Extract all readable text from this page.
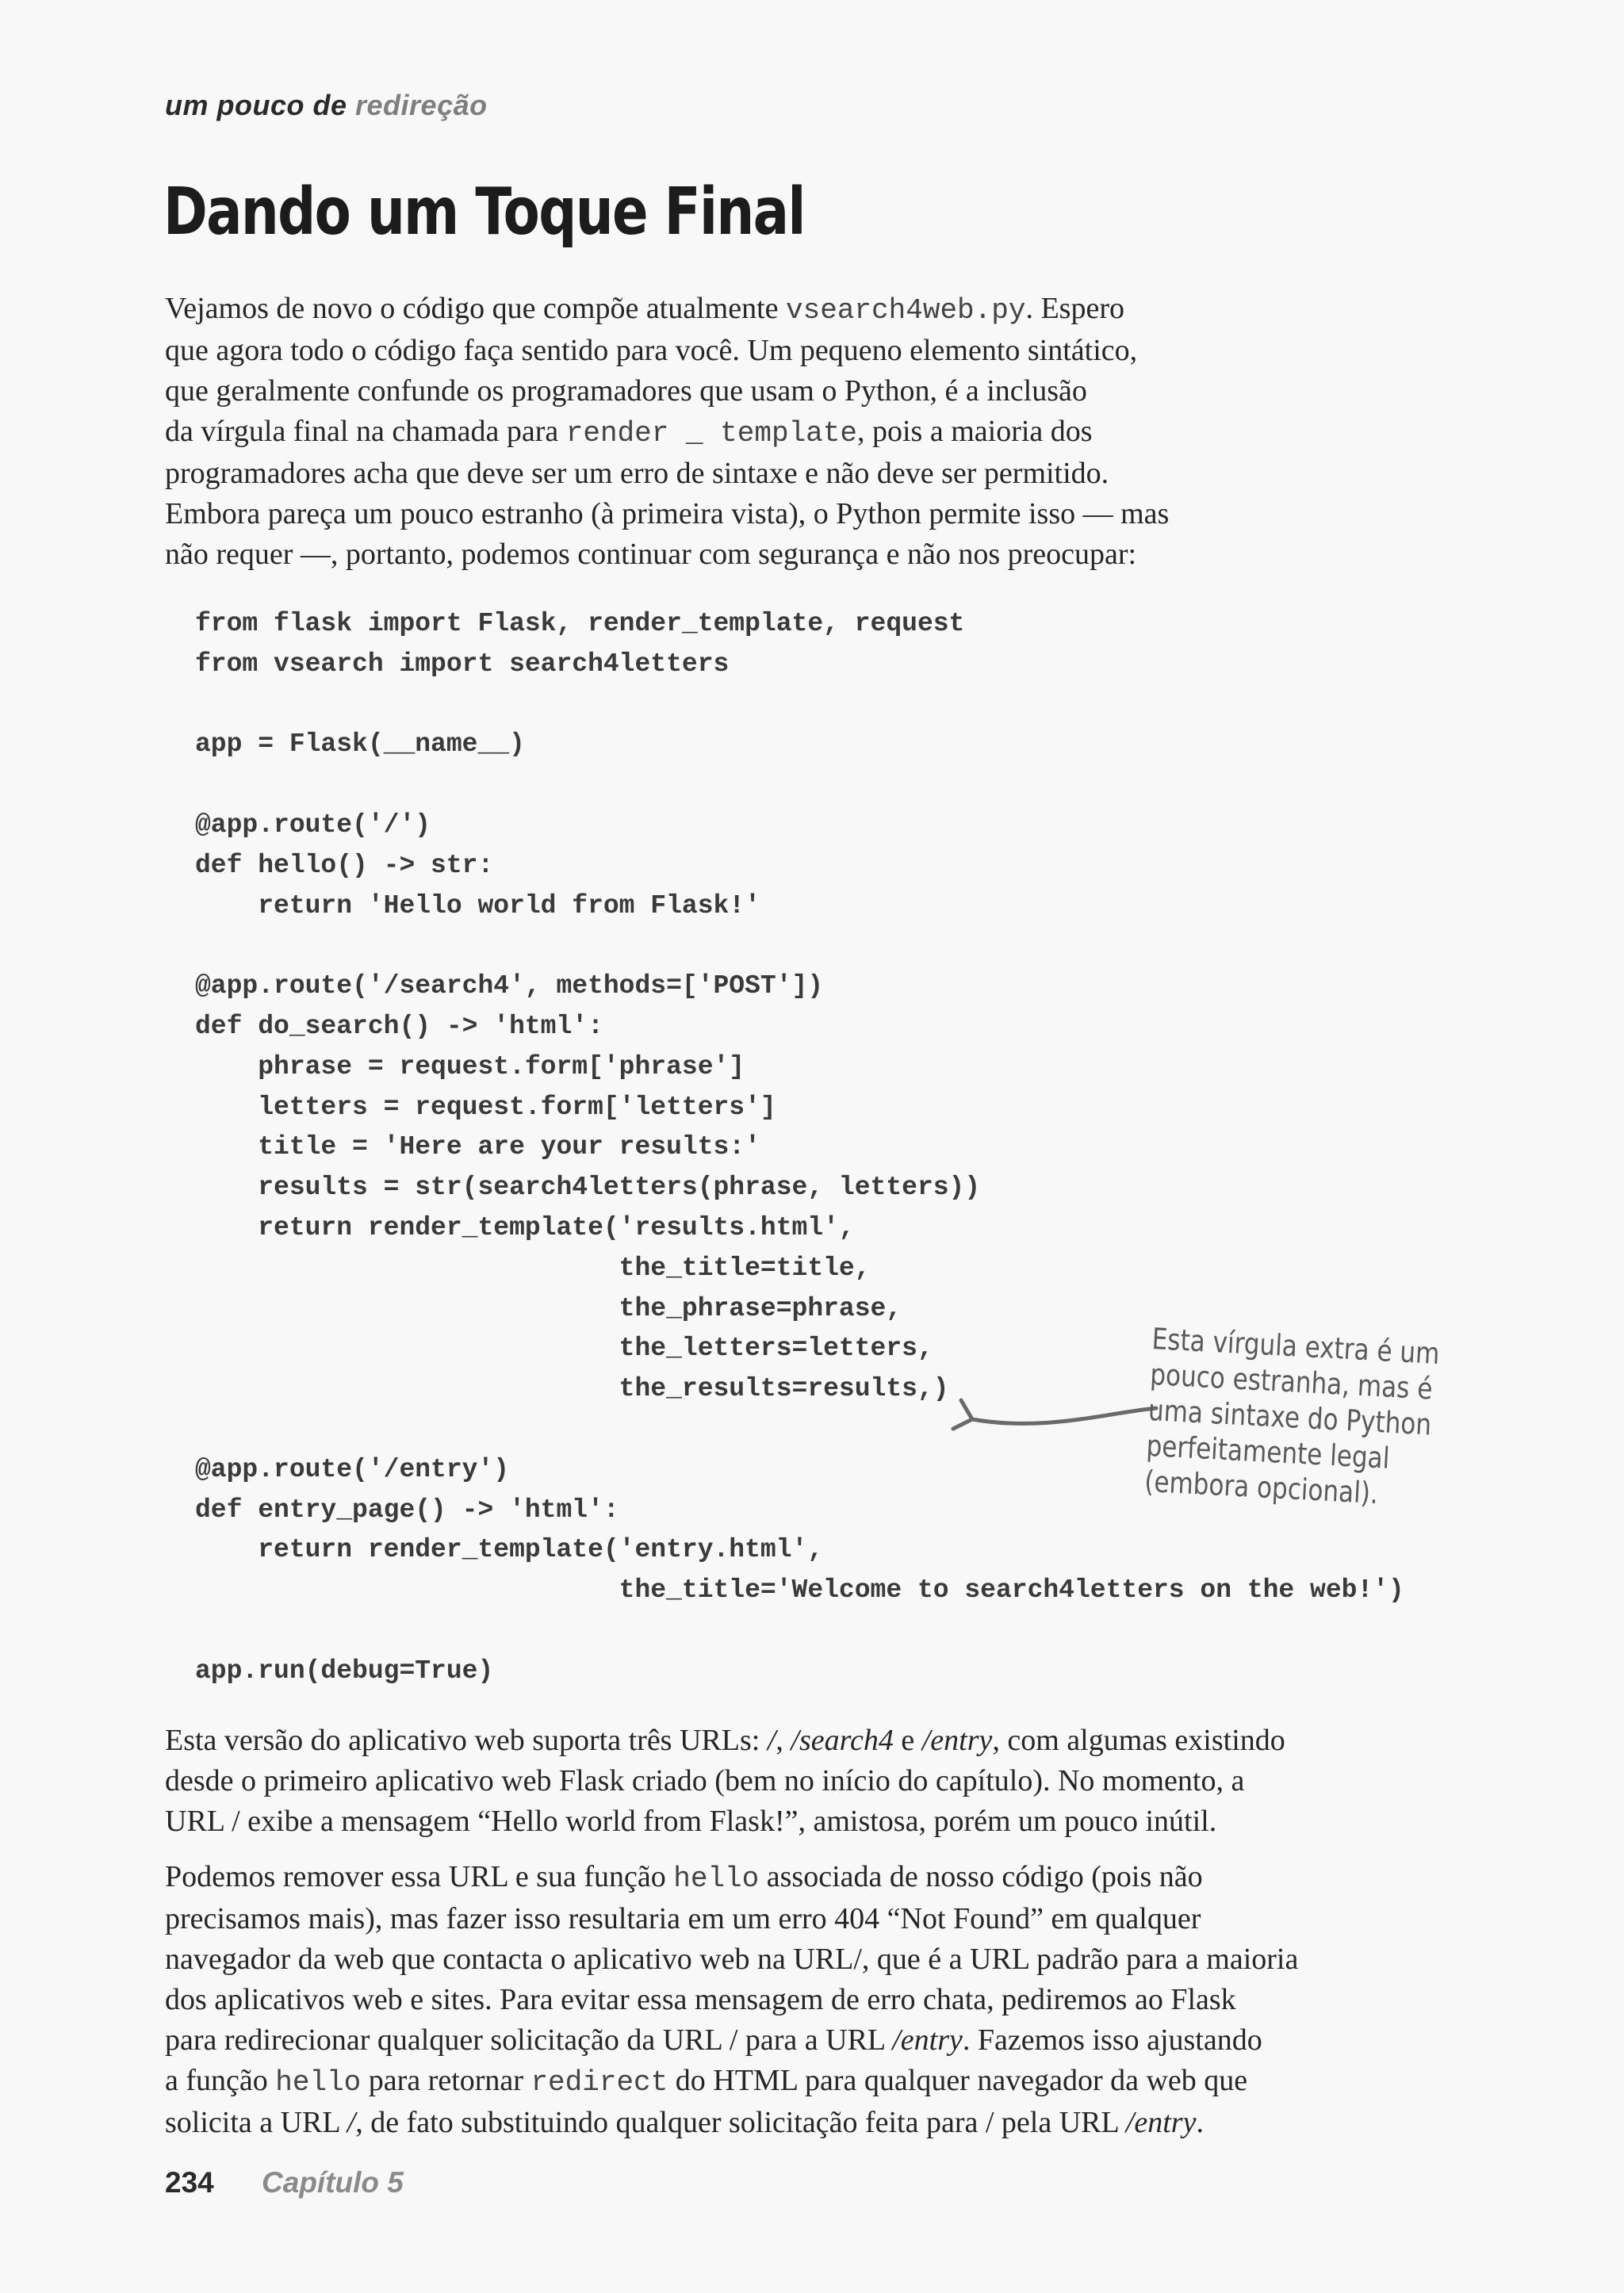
um pouco de redireção
Dando um Toque Final
Vejamos de novo o código que compõe atualmente vsearch4web.py. Espero
que agora todo o código faça sentido para você. Um pequeno elemento sintático,
que geralmente confunde os programadores que usam o Python, é a inclusão
da vírgula final na chamada para render _ template, pois a maioria dos
programadores acha que deve ser um erro de sintaxe e não deve ser permitido.
Embora pareça um pouco estranho (à primeira vista), o Python permite isso — mas
não requer —, portanto, podemos continuar com segurança e não nos preocupar:
from flask import Flask, render_template, request
from vsearch import search4letters
app = Flask(__name__)
@app.route('/')
def hello() -> str:
return 'Hello world from Flask!'
@app.route('/search4', methods=['POST'])
def do_search() -> 'html':
phrase = request.form['phrase']
letters = request.form['letters']
title = 'Here are your results:'
results = str(search4letters(phrase, letters))
return render_template('results.html',
the_title=title,
the_phrase=phrase,
the_letters=letters,
the_results=results,)
@app.route('/entry')
def entry_page() -> 'html':
return render_template('entry.html',
the_title='Welcome to search4letters on the web!')
app.run(debug=True)
Esta vírgula extra é um
pouco estranha, mas é
uma sintaxe do Python
perfeitamente legal
(embora opcional).
Esta versão do aplicativo web suporta três URLs: /, /search4 e /entry, com algumas existindo
desde o primeiro aplicativo web Flask criado (bem no início do capítulo). No momento, a
URL / exibe a mensagem “Hello world from Flask!”, amistosa, porém um pouco inútil.
Podemos remover essa URL e sua função hello associada de nosso código (pois não
precisamos mais), mas fazer isso resultaria em um erro 404 “Not Found” em qualquer
navegador da web que contacta o aplicativo web na URL/, que é a URL padrão para a maioria
dos aplicativos web e sites. Para evitar essa mensagem de erro chata, pediremos ao Flask
para redirecionar qualquer solicitação da URL / para a URL /entry. Fazemos isso ajustando
a função hello para retornar redirect do HTML para qualquer navegador da web que
solicita a URL /, de fato substituindo qualquer solicitação feita para / pela URL /entry.
234 Capítulo 5
